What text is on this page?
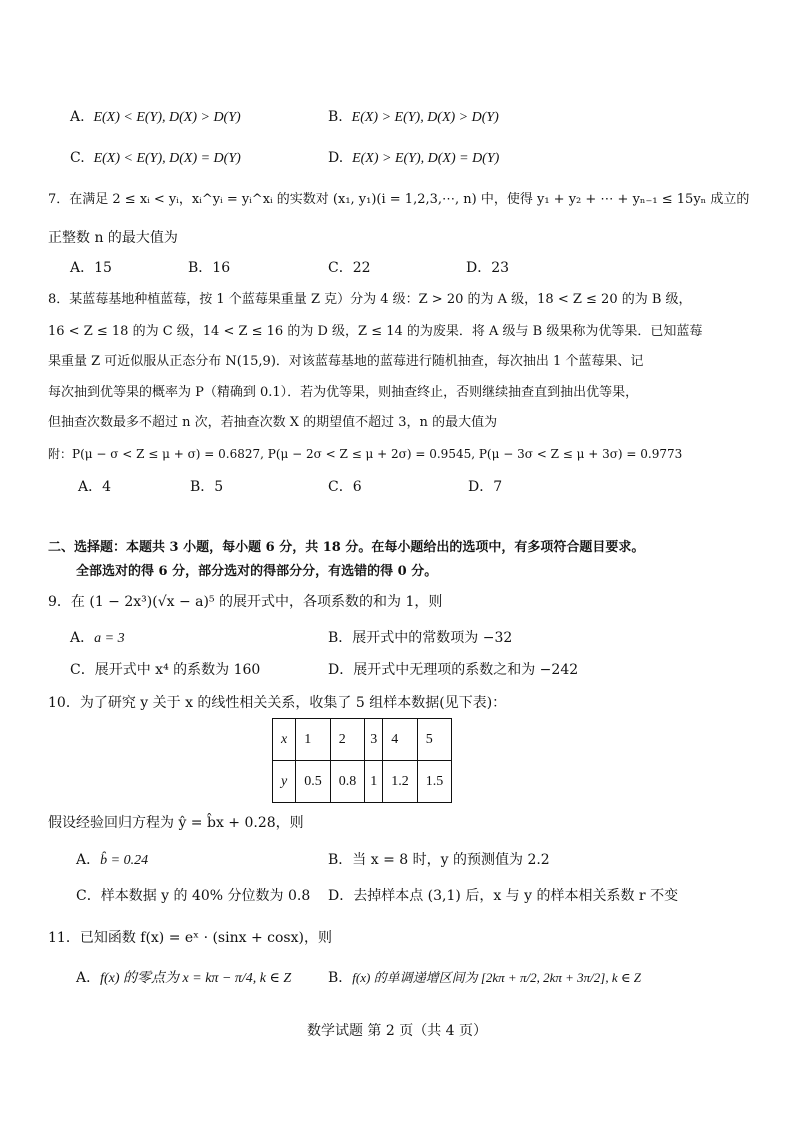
A. E(X) < E(Y), D(X) > D(Y)	B. E(X) > E(Y), D(X) > D(Y)
C. E(X) < E(Y), D(X) = D(Y)	D. E(X) > E(Y), D(X) = D(Y)
7．在满足 2 ≤ xᵢ < yᵢ，xᵢ^yᵢ = yᵢ^xᵢ 的实数对 (x₁, y₁)(i = 1,2,3,⋯, n) 中，使得 y₁ + y₂ + ⋯ + yₙ₋₁ ≤ 15yₙ 成立的
正整数 n 的最大值为
A．15	B．16	C．22	D．23
8．某蓝莓基地种植蓝莓，按 1 个蓝莓果重量 Z 克）分为 4 级：Z > 20 的为 A 级，18 < Z ≤ 20 的为 B 级，
16 < Z ≤ 18 的为 C 级，14 < Z ≤ 16 的为 D 级，Z ≤ 14 的为废果．将 A 级与 B 级果称为优等果．已知蓝莓
果重量 Z 可近似服从正态分布 N(15,9)．对该蓝莓基地的蓝莓进行随机抽查，每次抽出 1 个蓝莓果、记
每次抽到优等果的概率为 P（精确到 0.1）．若为优等果，则抽查终止，否则继续抽查直到抽出优等果，
但抽查次数最多不超过 n 次，若抽查次数 X 的期望值不超过 3，n 的最大值为
附：P(μ − σ < Z ≤ μ + σ) = 0.6827, P(μ − 2σ < Z ≤ μ + 2σ) = 0.9545, P(μ − 3σ < Z ≤ μ + 3σ) = 0.9773
A．4	B．5	C．6	D．7
二、选择题：本题共 3 小题，每小题 6 分，共 18 分。在每小题给出的选项中，有多项符合题目要求。
全部选对的得 6 分，部分选对的得部分分，有选错的得 0 分。
9．在 (1 − 2x³)(√x − a)⁵ 的展开式中，各项系数的和为 1，则
A．a = 3	B．展开式中的常数项为 −32
C．展开式中 x⁴ 的系数为 160	D．展开式中无理项的系数之和为 −242
10．为了研究 y 关于 x 的线性相关关系，收集了 5 组样本数据(见下表)：
x	1	2	3	4	5
y	0.5	0.8	1	1.2	1.5
假设经验回归方程为 ŷ = b̂x + 0.28，则
A．b̂ = 0.24	B．当 x = 8 时，y 的预测值为 2.2
C．样本数据 y 的 40% 分位数为 0.8 D．去掉样本点 (3,1) 后，x 与 y 的样本相关系数 r 不变
11．已知函数 f(x) = eˣ · (sinx + cosx)，则
A．f(x) 的零点为 x = kπ − π/4, k ∈ Z	B．f(x) 的单调递增区间为 [2kπ + π/2, 2kπ + 3π/2], k ∈ Z
数学试题 第 2 页（共 4 页）
